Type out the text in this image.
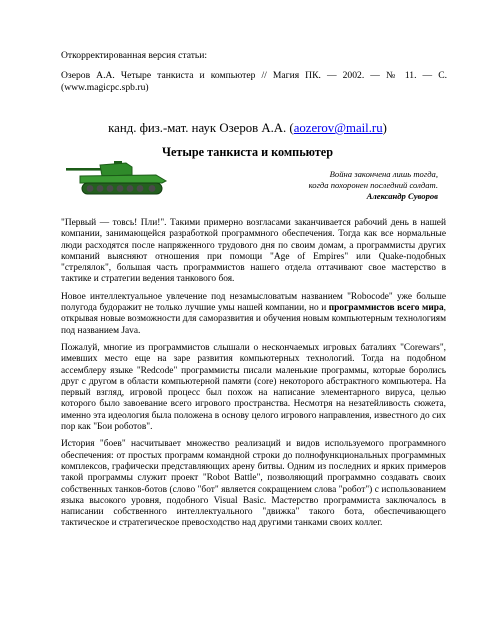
Откорректированная версия статьи:
Озеров А.А. Четыре танкиста и компьютер // Магия ПК. — 2002. — № 11. — С. (www.magicpc.spb.ru)
канд. физ.-мат. наук Озеров А.А. (aozerov@mail.ru)
Четыре танкиста и компьютер
Война закончена лишь тогда,
когда похоронен последний солдат.
Александр Суворов

"Первый — товсь! Пли!". Такими примерно возгласами заканчивается рабочий день в нашей компании, занимающейся разработкой программного обеспечения. Тогда как все нормальные люди расходятся после напряженного трудового дня по своим домам, а программисты других компаний выясняют отношения при помощи "Age of Empires" или Quake-подобных "стрелялок", большая часть программистов нашего отдела оттачивают свое мастерство в тактике и стратегии ведения танкового боя.

Новое интеллектуальное увлечение под незамысловатым названием "Robocode" уже больше полугода будоражит не только лучшие умы нашей компании, но и программистов всего мира, открывая новые возможности для саморазвития и обучения новым компьютерным технологиям под названием Java.

Пожалуй, многие из программистов слышали о нескончаемых игровых баталиях "Corewars", имевших место еще на заре развития компьютерных технологий. Тогда на подобном ассемблеру языке "Redcode" программисты писали маленькие программы, которые боролись друг с другом в области компьютерной памяти (core) некоторого абстрактного компьютера. На первый взгляд, игровой процесс был похож на написание элементарного вируса, целью которого было завоевание всего игрового пространства. Несмотря на незатейливость сюжета, именно эта идеология была положена в основу целого игрового направления, известного до сих пор как "Бои роботов".

История "боев" насчитывает множество реализаций и видов используемого программного обеспечения: от простых программ командной строки до полнофункциональных программных комплексов, графически представляющих арену битвы. Одним из последних и ярких примеров такой программы служит проект "Robot Battle", позволяющий программно создавать своих собственных танков-ботов (слово "бот" является сокращением слова "робот") с использованием языка высокого уровня, подобного Visual Basic. Мастерство программиста заключалось в написании собственного интеллектуального "движка" такого бота, обеспечивающего тактическое и стратегическое превосходство над другими танками своих коллег.
